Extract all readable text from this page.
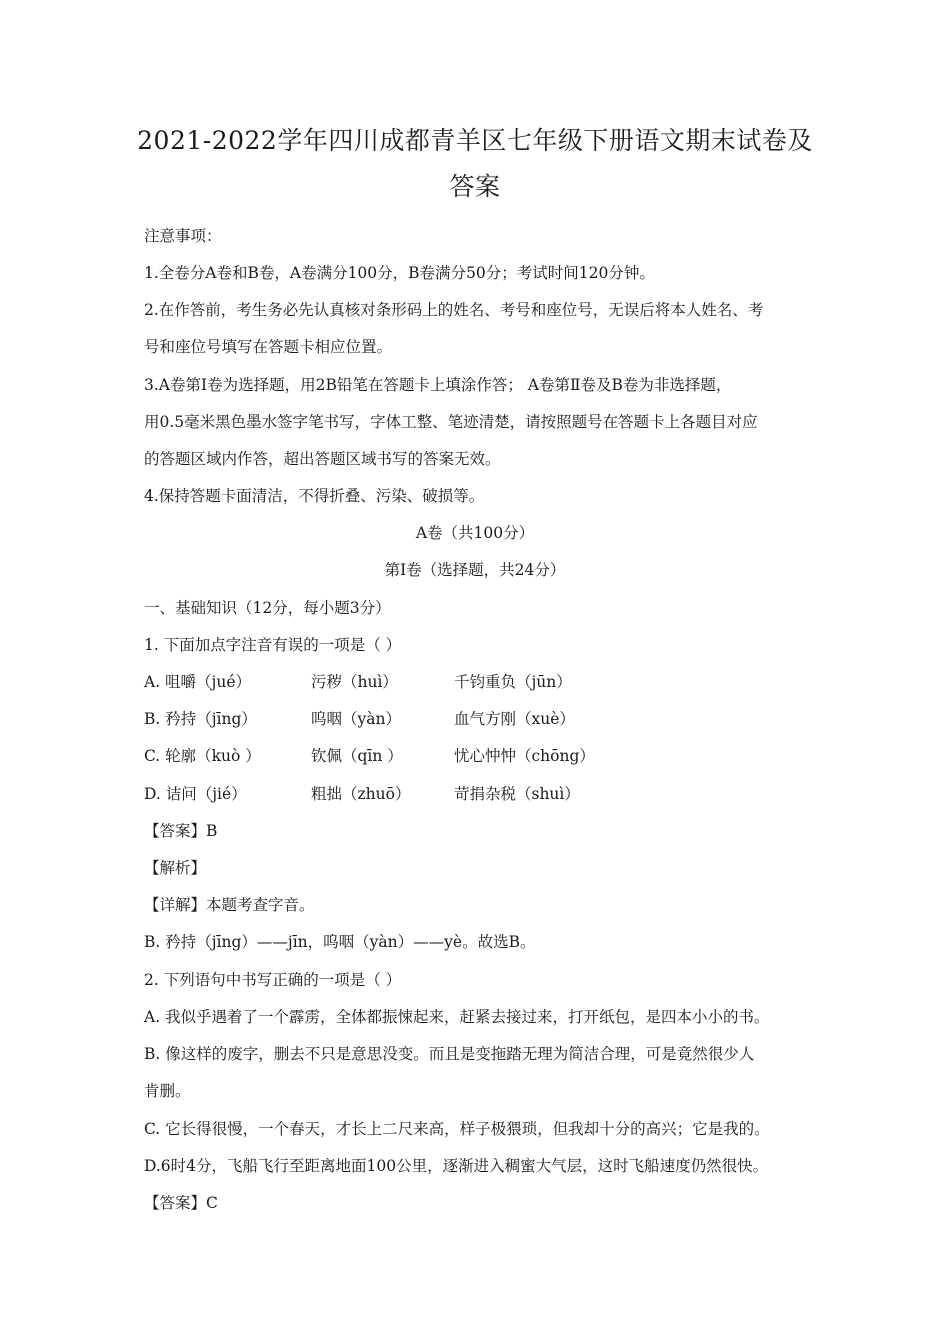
2021-2022学年四川成都青羊区七年级下册语文期末试卷及
答案
注意事项：
1.全卷分A卷和B卷，A卷满分100分，B卷满分50分；考试时间120分钟。
2.在作答前，考生务必先认真核对条形码上的姓名、考号和座位号，无误后将本人姓名、考
号和座位号填写在答题卡相应位置。
3.A卷第Ⅰ卷为选择题，用2B铅笔在答题卡上填涂作答； A卷第Ⅱ卷及B卷为非选择题，
用0.5毫米黑色墨水签字笔书写，字体工整、笔迹清楚，请按照题号在答题卡上各题目对应
的答题区域内作答，超出答题区域书写的答案无效。
4.保持答题卡面清洁，不得折叠、污染、破损等。
A卷（共100分）
第Ⅰ卷（选择题，共24分）
一、基础知识（12分，每小题3分）
1. 下面加点字注音有误的一项是（ ）
A. 咀嚼（jué）	污秽（huì）	千钧重负（jūn）
B. 矜持（jīng）	呜咽（yàn）	血气方刚（xuè）
C. 轮廓（kuò ）	钦佩（qīn ）	忧心忡忡（chōng）
D. 诘问（jié）	粗拙（zhuō）	苛捐杂税（shuì）
【答案】B
【解析】
【详解】本题考查字音。
B. 矜持（jīng）——jīn，呜咽（yàn）——yè。故选B。
2. 下列语句中书写正确的一项是（ ）
A. 我似乎遇着了一个霹雳，全体都振悚起来，赶紧去接过来，打开纸包，是四本小小的书。
B. 像这样的废字，删去不只是意思没变。而且是变拖踏无理为简洁合理，可是竟然很少人
肯删。
C. 它长得很慢，一个春天，才长上二尺来高，样子极猥琐，但我却十分的高兴；它是我的。
D.6时4分，飞船飞行至距离地面100公里，逐渐进入稠蜜大气层，这时飞船速度仍然很快。
【答案】C
